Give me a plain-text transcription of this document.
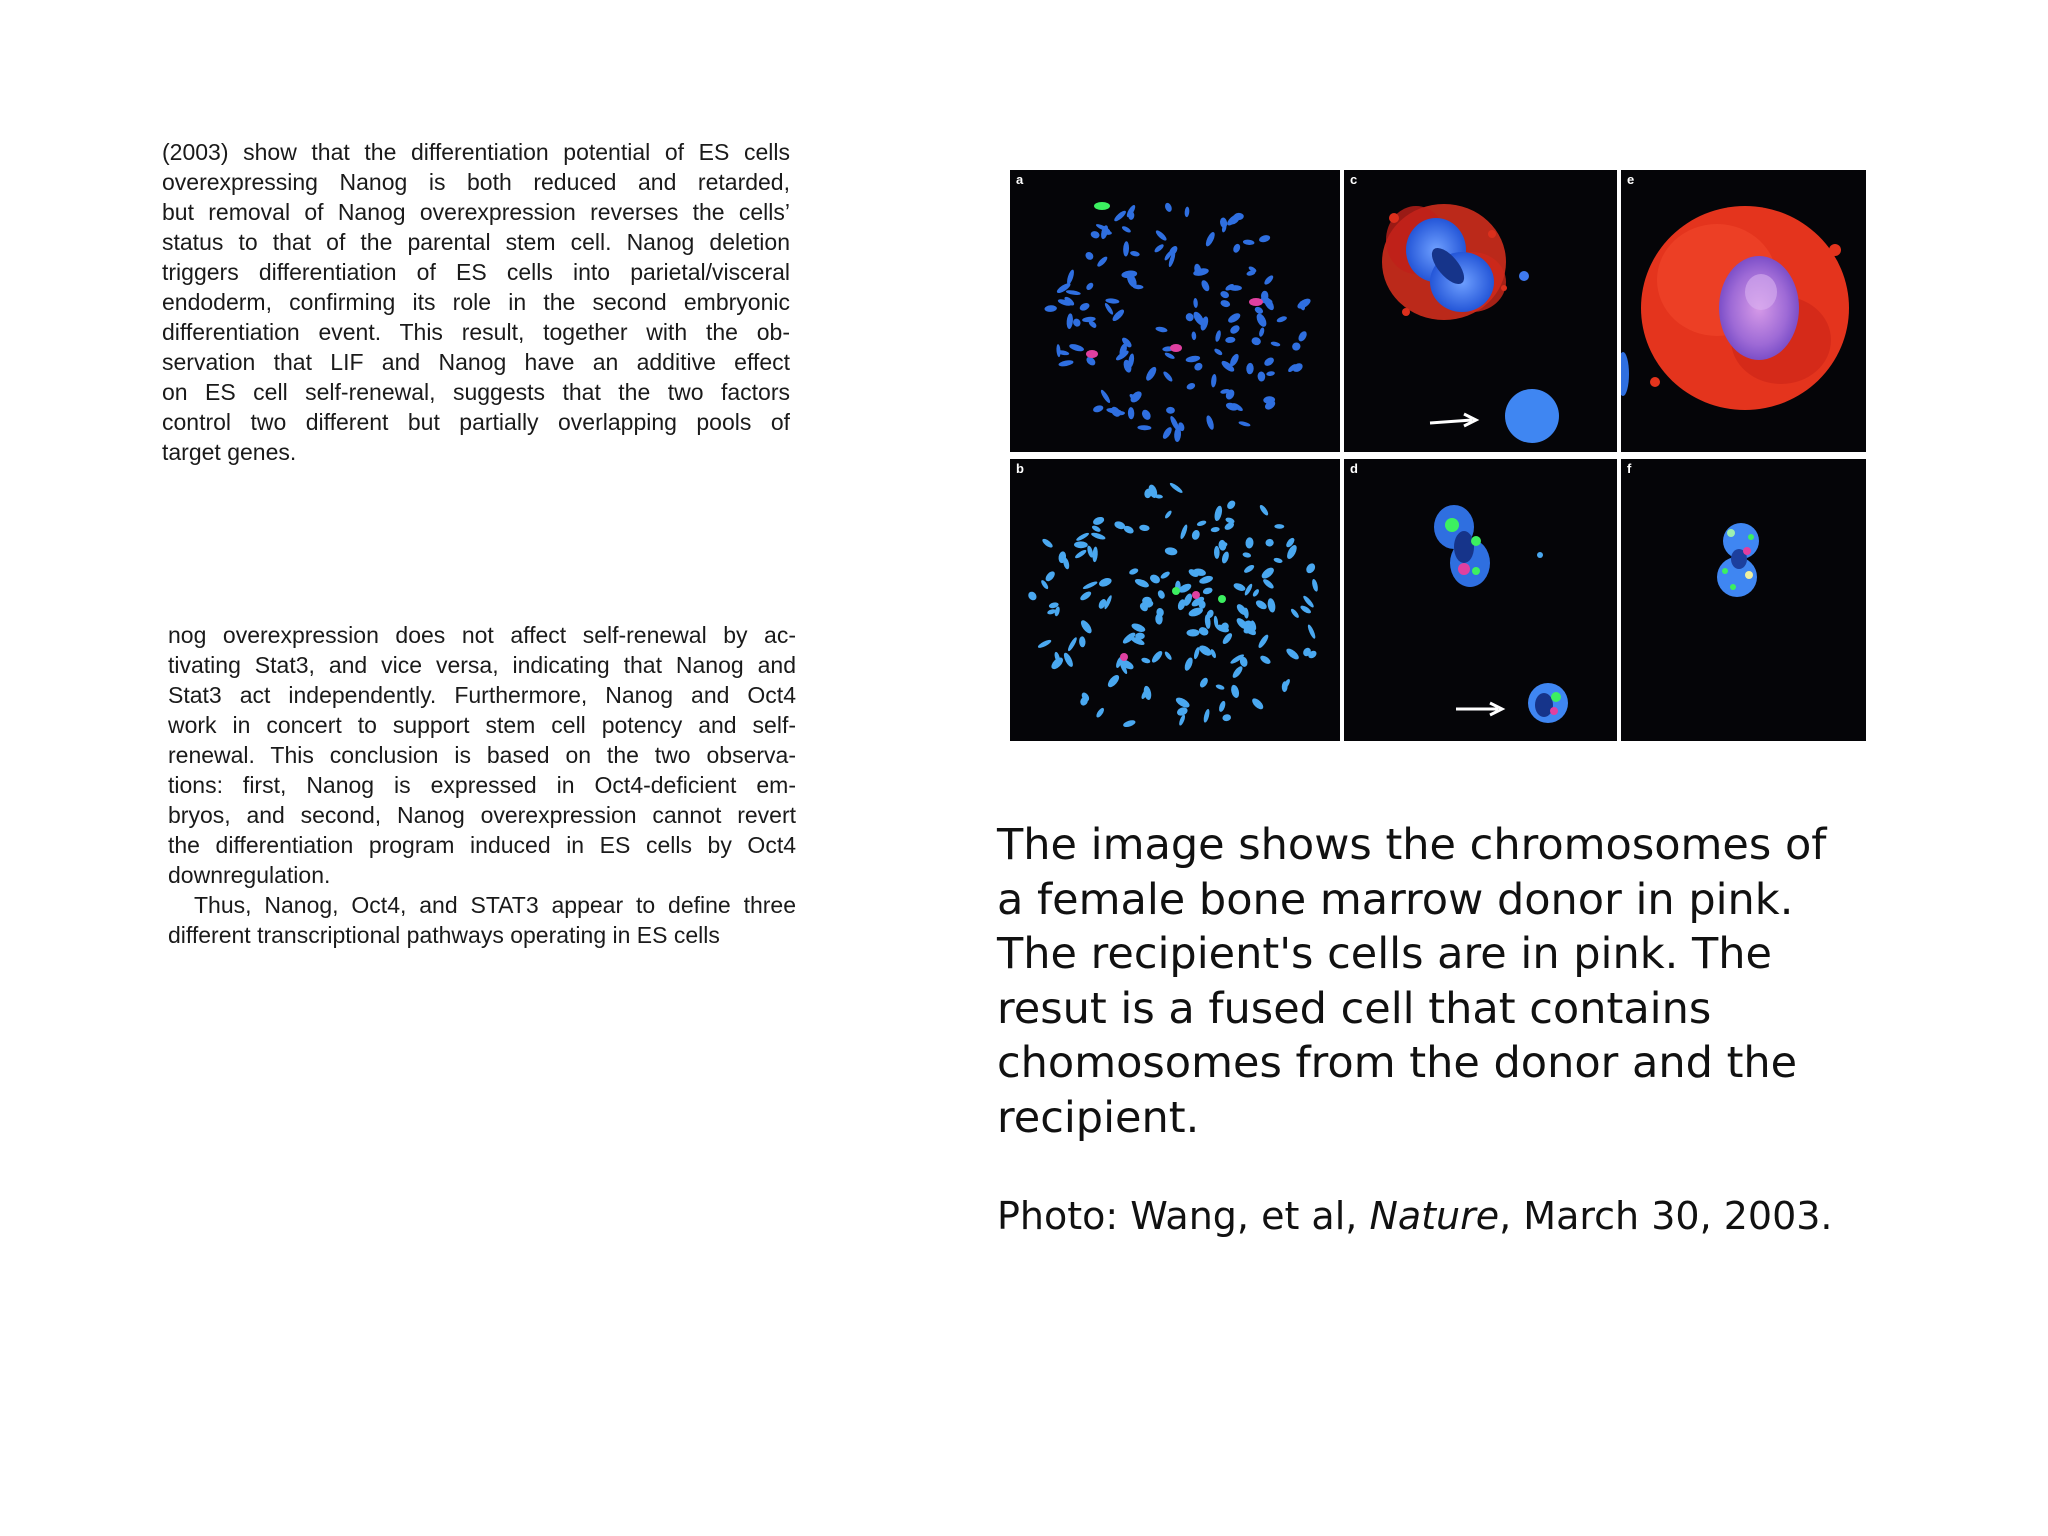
(2003) show that the differentiation potential of ES cells
overexpressing Nanog is both reduced and retarded,
but removal of Nanog overexpression reverses the cells’
status to that of the parental stem cell. Nanog deletion
triggers differentiation of ES cells into parietal/visceral
endoderm, confirming its role in the second embryonic
differentiation event. This result, together with the ob-
servation that LIF and Nanog have an additive effect
on ES cell self-renewal, suggests that the two factors
control two different but partially overlapping pools of
target genes.

nog overexpression does not affect self-renewal by ac-
tivating Stat3, and vice versa, indicating that Nanog and
Stat3 act independently. Furthermore, Nanog and Oct4
work in concert to support stem cell potency and self-
renewal. This conclusion is based on the two observa-
tions: first, Nanog is expressed in Oct4-deficient em-
bryos, and second, Nanog overexpression cannot revert
the differentiation program induced in ES cells by Oct4
downregulation.
Thus, Nanog, Oct4, and STAT3 appear to define three
different transcriptional pathways operating in ES cells

a	c	e
b	d	f
The image shows the chromosomes of
a female bone marrow donor in pink.
The recipient's cells are in pink. The
resut is a fused cell that contains
chomosomes from the donor and the
recipient.
Photo: Wang, et al, Nature, March 30, 2003.
